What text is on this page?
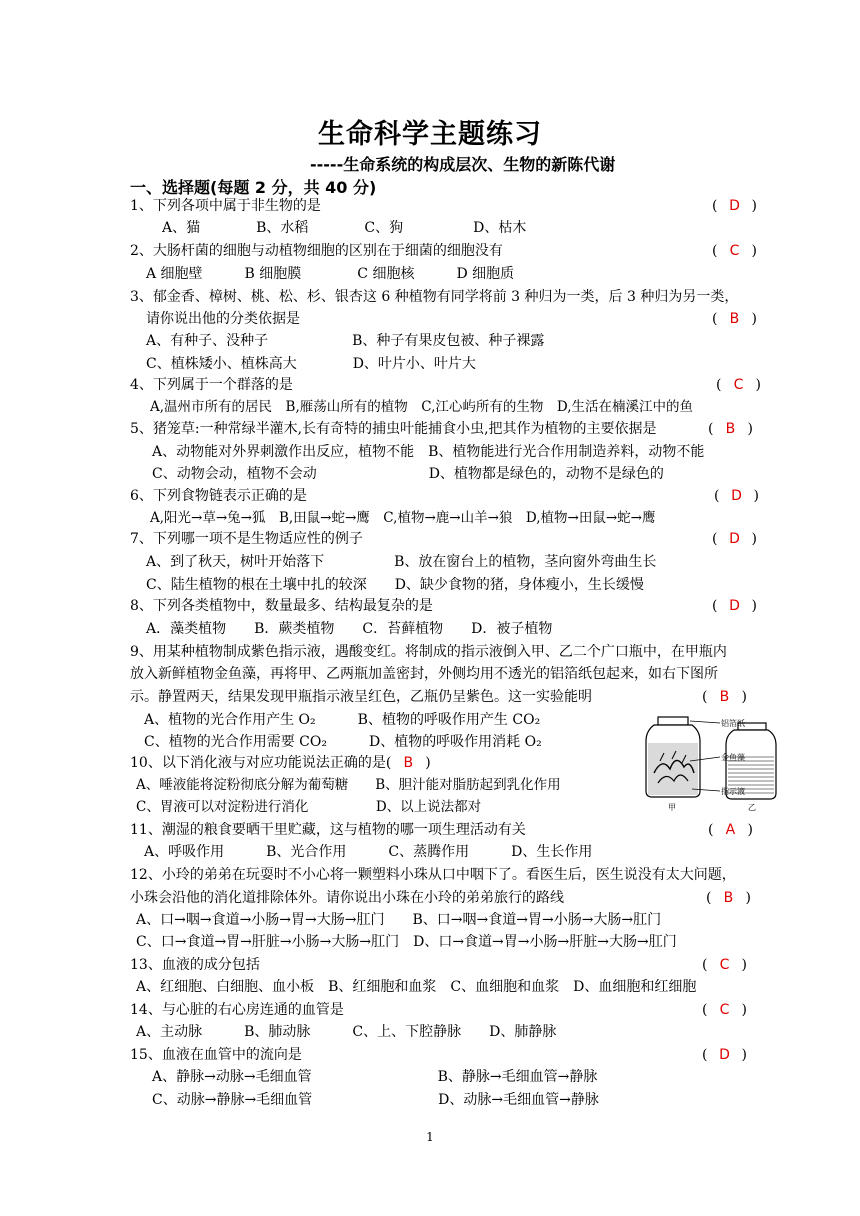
生命科学主题练习
-----生命系统的构成层次、生物的新陈代谢
一、选择题(每题 2 分，共 40 分)
1、下列各项中属于非生物的是	( D )
A、猫　　　　B、水稻　　　　C、狗　　　　　D、枯木
2、大肠杆菌的细胞与动植物细胞的区别在于细菌的细胞没有	( C )
A 细胞壁　　　B 细胞膜　　　　C 细胞核　　　D 细胞质
3、郁金香、樟树、桃、松、杉、银杏这 6 种植物有同学将前 3 种归为一类，后 3 种归为另一类，
请你说出他的分类依据是	( B )
A、有种子、没种子　　　　　　B、种子有果皮包被、种子裸露
C、植株矮小、植株高大　　　　D、叶片小、叶片大
4、下列属于一个群落的是	( C )
A,温州市所有的居民　B,雁荡山所有的植物　C,江心屿所有的生物　D,生活在楠溪江中的鱼
5、猪笼草:一种常绿半灌木,长有奇特的捕虫叶能捕食小虫,把其作为植物的主要依据是	( B )
A、动物能对外界刺激作出反应，植物不能　B、植物能进行光合作用制造养料，动物不能
C、动物会动，植物不会动　　　　　　　　D、植物都是绿色的，动物不是绿色的
6、下列食物链表示正确的是	( D )
A,阳光→草→兔→狐　B,田鼠→蛇→鹰　C,植物→鹿→山羊→狼　D,植物→田鼠→蛇→鹰
7、下列哪一项不是生物适应性的例子	( D )
A、到了秋天，树叶开始落下　　　　　B、放在窗台上的植物，茎向窗外弯曲生长
C、陆生植物的根在土壤中扎的较深　　D、缺少食物的猪，身体瘦小，生长缓慢
8、下列各类植物中，数量最多、结构最复杂的是	( D )
A．藻类植物　　B．蕨类植物　　C．苔藓植物　　D．被子植物
9、用某种植物制成紫色指示液，遇酸变红。将制成的指示液倒入甲、乙二个广口瓶中，在甲瓶内
放入新鲜植物金鱼藻，再将甲、乙两瓶加盖密封，外侧均用不透光的铝箔纸包起来，如右下图所
示。静置两天，结果发现甲瓶指示液呈红色，乙瓶仍呈紫色。这一实验能明	( B )
A、植物的光合作用产生 O₂　　　B、植物的呼吸作用产生 CO₂
C、植物的光合作用需要 CO₂　　　D、植物的呼吸作用消耗 O₂
铝箔纸
金鱼藻
指示液
甲	乙
10、以下消化液与对应功能说法正确的是( B )
A、唾液能将淀粉彻底分解为葡萄糖　　B、胆汁能对脂肪起到乳化作用
C、胃液可以对淀粉进行消化　　　　　D、以上说法都对
11、潮湿的粮食要晒干里贮藏，这与植物的哪一项生理活动有关	( A )
A、呼吸作用　　　B、光合作用　　　C、蒸腾作用　　　D、生长作用
12、小玲的弟弟在玩耍时不小心将一颗塑料小珠从口中咽下了。看医生后，医生说没有太大问题，
小珠会沿他的消化道排除体外。请你说出小珠在小玲的弟弟旅行的路线	( B )
A、口→咽→食道→小肠→胃→大肠→肛门　　B、口→咽→食道→胃→小肠→大肠→肛门
C、口→食道→胃→肝脏→小肠→大肠→肛门　D、口→食道→胃→小肠→肝脏→大肠→肛门
13、血液的成分包括	( C )
A、红细胞、白细胞、血小板　B、红细胞和血浆　C、血细胞和血浆　D、血细胞和红细胞
14、与心脏的右心房连通的血管是	( C )
A、主动脉　　　B、肺动脉　　　C、上、下腔静脉　　D、肺静脉
15、血液在血管中的流向是	( D )
A、静脉→动脉→毛细血管　　　　　　　　　B、静脉→毛细血管→静脉
C、动脉→静脉→毛细血管　　　　　　　　　D、动脉→毛细血管→静脉
1
